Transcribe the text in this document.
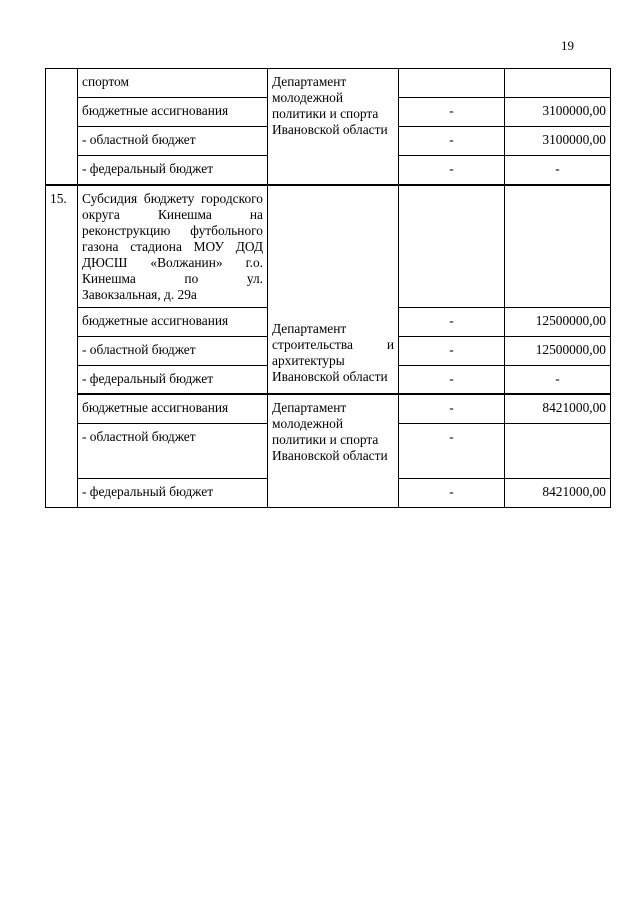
19
	спортом	Департамент молодежной политики и спорта Ивановской области		

	бюджетные ассигнования		-	3100000,00
	- областной бюджет		-	3100000,00
	- федеральный бюджет		-	-
15.	Субсидия бюджету городского округа Кинешма на реконструкцию футбольного газона стадиона МОУ ДОД ДЮСШ «Волжанин» г.о. Кинешма по ул.
Завокзальная, д. 29а	Департамент строительства и архитектуры Ивановской области		

	бюджетные ассигнования		-	12500000,00
	- областной бюджет		-	12500000,00
	- федеральный бюджет		-	-
	бюджетные ассигнования	Департамент молодежной политики и спорта Ивановской области	-	8421000,00
	- областной бюджет		-	
	- федеральный бюджет		-	8421000,00
